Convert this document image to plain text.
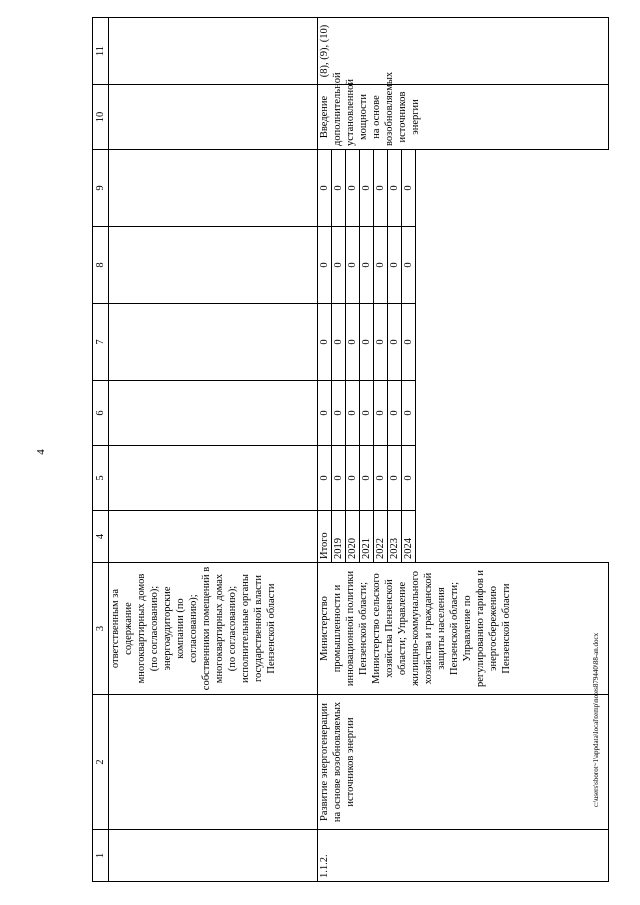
4
c:\users\sborot~1\appdata\local\temp\notes879440\88-an.docx
1	2	3	4	5	6	7	8	9	10	11
		ответственным за содержание многоквартирных домов (по согласованию); энергоаудиторские компании (по согласованию); собственники помещений в многоквартирных домах (по согласованию); исполнительные органы государственной власти Пензенской области								
1.1.2.	Развитие энергогенерации на основе возобновляемых источников энергии	Министерство промышленности и инновационной политики Пензенской области; Министерство сельского хозяйства Пензенской области; Управление жилищно-коммунального хозяйства и гражданской защиты населения Пензенской области; Управление по регулированию тарифов и энергосбережению Пензенской области	Итого	0	0	0	0	0	Введение дополнительной установленной мощности на основе возобновляемых источников энергии	(8), (9), (10)
			2019	0	0	0	0	0		
			2020	0	0	0	0	0		
			2021	0	0	0	0	0		
			2022	0	0	0	0	0		
			2023	0	0	0	0	0		
			2024	0	0	0	0	0		
